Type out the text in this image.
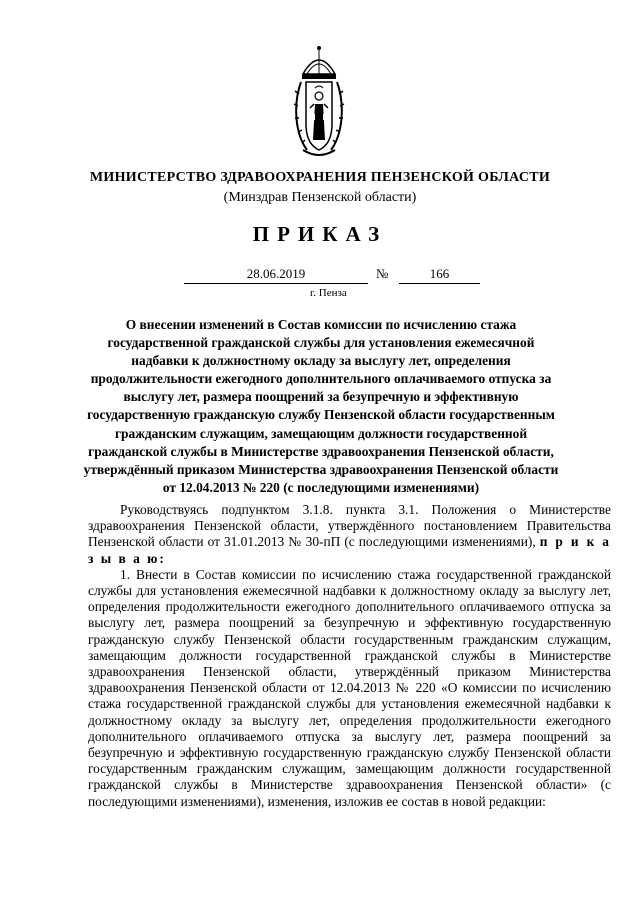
МИНИСТЕРСТВО ЗДРАВООХРАНЕНИЯ ПЕНЗЕНСКОЙ ОБЛАСТИ
(Минздрав Пензенской области)
ПРИКАЗ
28.06.2019	№	166
г. Пенза
О внесении изменений в Состав комиссии по исчислению стажа государственной гражданской службы для установления ежемесячной надбавки к должностному окладу за выслугу лет, определения продолжительности ежегодного дополнительного оплачиваемого отпуска за выслугу лет, размера поощрений за безупречную и эффективную государственную гражданскую службу Пензенской области государственным гражданским служащим, замещающим должности государственной гражданской службы в Министерстве здравоохранения Пензенской области, утверждённый приказом Министерства здравоохранения Пензенской области от 12.04.2013 № 220 (с последующими изменениями)

Руководствуясь подпунктом 3.1.8. пункта 3.1. Положения о Министерстве здравоохранения Пензенской области, утверждённого постановлением Правительства Пензенской области от 31.01.2013 № 30-пП (с последующими изменениями), п р и к а з ы в а ю:

1. Внести в Состав комиссии по исчислению стажа государственной гражданской службы для установления ежемесячной надбавки к должностному окладу за выслугу лет, определения продолжительности ежегодного дополнительного оплачиваемого отпуска за выслугу лет, размера поощрений за безупречную и эффективную государственную гражданскую службу Пензенской области государственным гражданским служащим, замещающим должности государственной гражданской службы в Министерстве здравоохранения Пензенской области, утверждённый приказом Министерства здравоохранения Пензенской области от 12.04.2013 № 220 «О комиссии по исчислению стажа государственной гражданской службы для установления ежемесячной надбавки к должностному окладу за выслугу лет, определения продолжительности ежегодного дополнительного оплачиваемого отпуска за выслугу лет, размера поощрений за безупречную и эффективную государственную гражданскую службу Пензенской области государственным гражданским служащим, замещающим должности государственной гражданской службы в Министерстве здравоохранения Пензенской области» (с последующими изменениями), изменения, изложив ее состав в новой редакции:
